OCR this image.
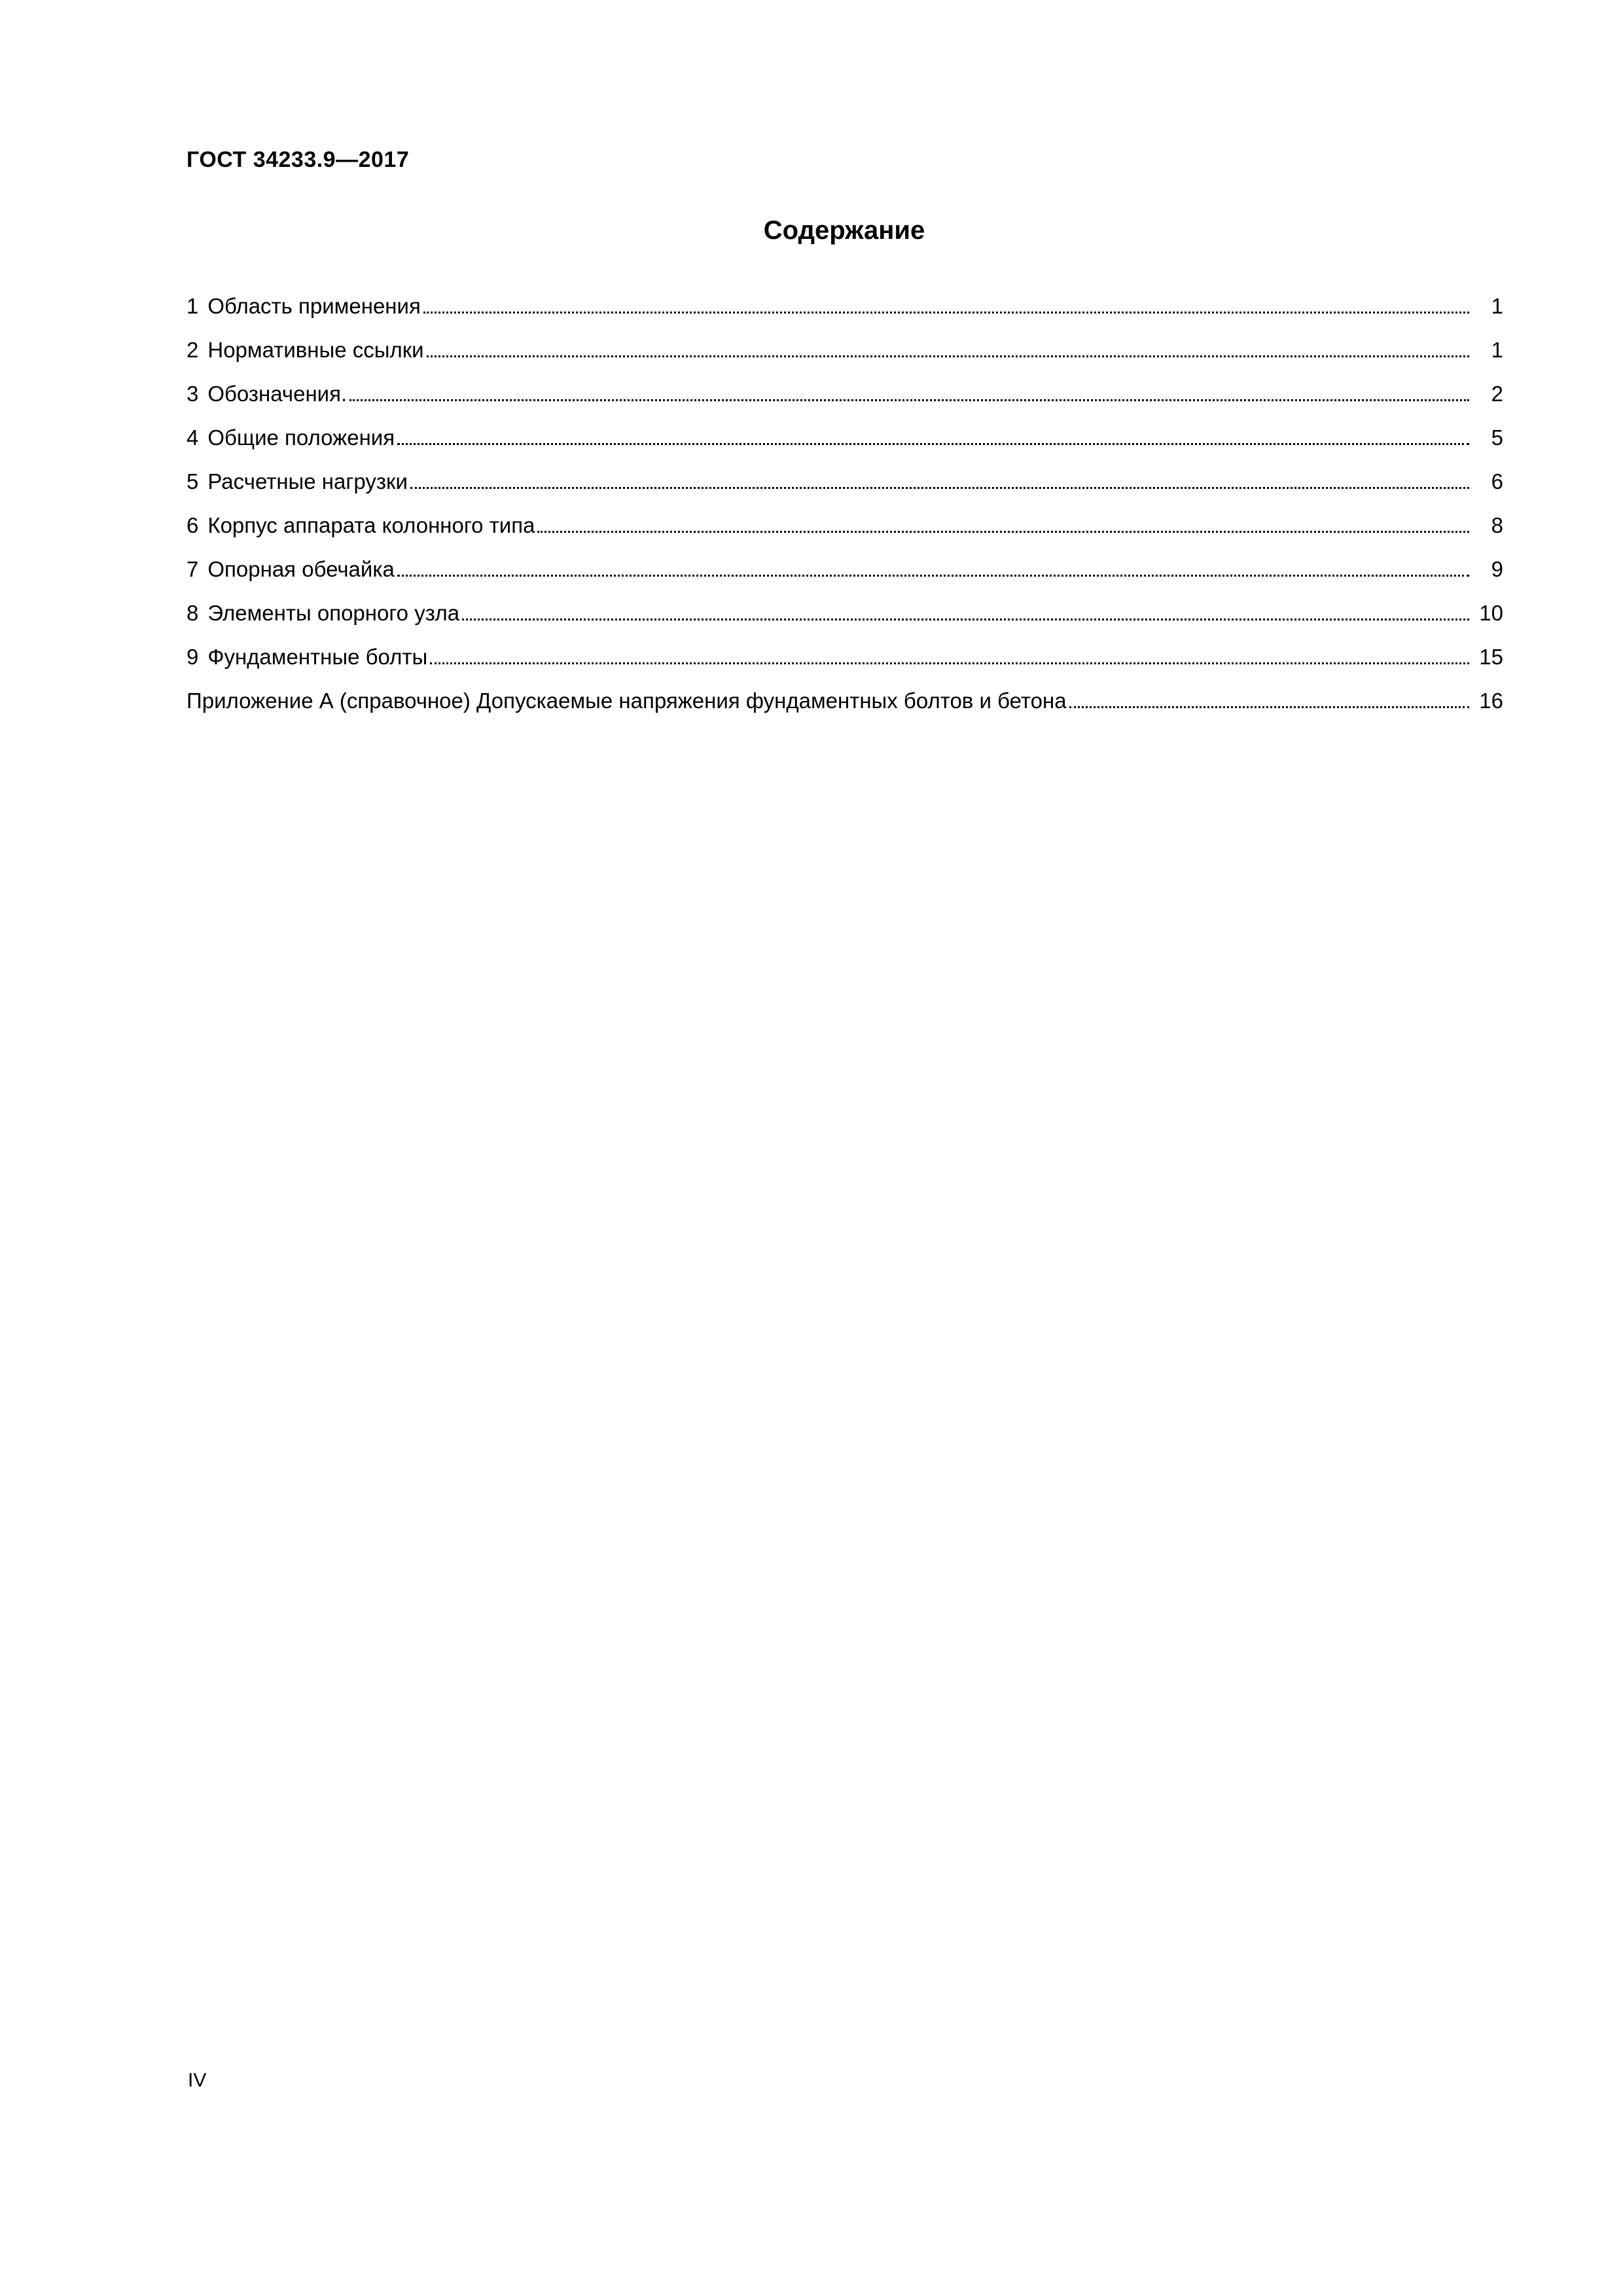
ГОСТ 34233.9—2017
Содержание
1 Область применения	1
2 Нормативные ссылки	1
3 Обозначения.	2
4 Общие положения	5
5 Расчетные нагрузки	6
6 Корпус аппарата колонного типа	8
7 Опорная обечайка	9
8 Элементы опорного узла	10
9 Фундаментные болты	15
Приложение А (справочное) Допускаемые напряжения фундаментных болтов и бетона	16
IV
